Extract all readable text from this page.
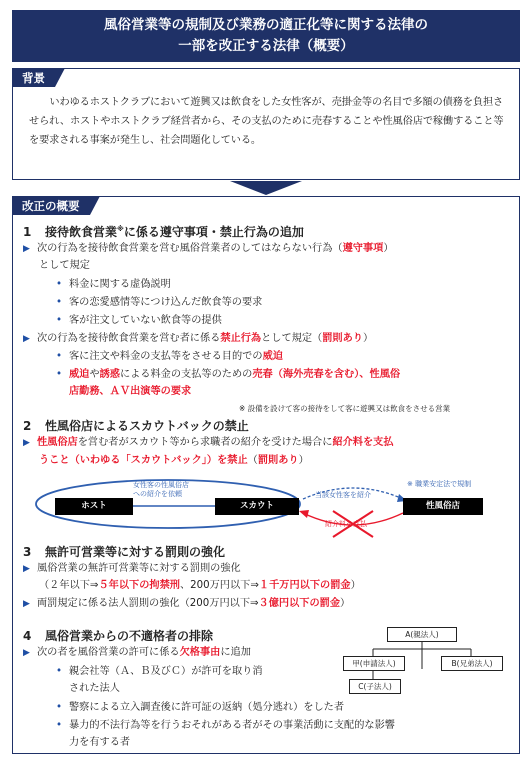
風俗営業等の規制及び業務の適正化等に関する法律の
一部を改正する法律（概要）
背景
いわゆるホストクラブにおいて遊興又は飲食をした女性客が、売掛金等の名目で多額の債務を負担させられ、ホストやホストクラブ経営者から、その支払のために売春することや性風俗店で稼働すること等を要求される事案が発生し、社会問題化している。
改正の概要
1 接待飲食営業※に係る遵守事項・禁止行為の追加
▶ 次の行為を接待飲食営業を営む風俗営業者のしてはならない行為（遵守事項）
として規定
• 料金に関する虚偽説明
• 客の恋愛感情等につけ込んだ飲食等の要求
• 客が注文していない飲食等の提供
▶ 次の行為を接待飲食営業を営む者に係る禁止行為として規定（罰則あり）
• 客に注文や料金の支払等をさせる目的での威迫
• 威迫や誘惑による料金の支払等のための売春（海外売春を含む）、性風俗
店勤務、ＡＶ出演等の要求
※ 設備を設けて客の接待をして客に遊興又は飲食をさせる営業
2 性風俗店によるスカウトバックの禁止
▶ 性風俗店を営む者がスカウト等から求職者の紹介を受けた場合に紹介料を支払
うこと（いわゆる「スカウトバック」）を禁止（罰則あり）
ホスト	スカウト	性風俗店
女性客の性風俗店
への紹介を依頼	当該女性客を紹介
紹介料を支払
※ 職業安定法で規制
3 無許可営業等に対する罰則の強化
▶ 風俗営業の無許可営業等に対する罰則の強化
（２年以下⇒５年以下の拘禁刑、200万円以下⇒１千万円以下の罰金）
▶ 両罰規定に係る法人罰則の強化（200万円以下⇒３億円以下の罰金）
4 風俗営業からの不適格者の排除
▶ 次の者を風俗営業の許可に係る欠格事由に追加
• 親会社等（Ａ、Ｂ及びＣ）が許可を取り消
された法人
• 警察による立入調査後に許可証の返納（処分逃れ）をした者
• 暴力的不法行為等を行うおそれがある者がその事業活動に支配的な影響
力を有する者
A(親法人)
甲(申請法人)	B(兄弟法人)
C(子法人)
